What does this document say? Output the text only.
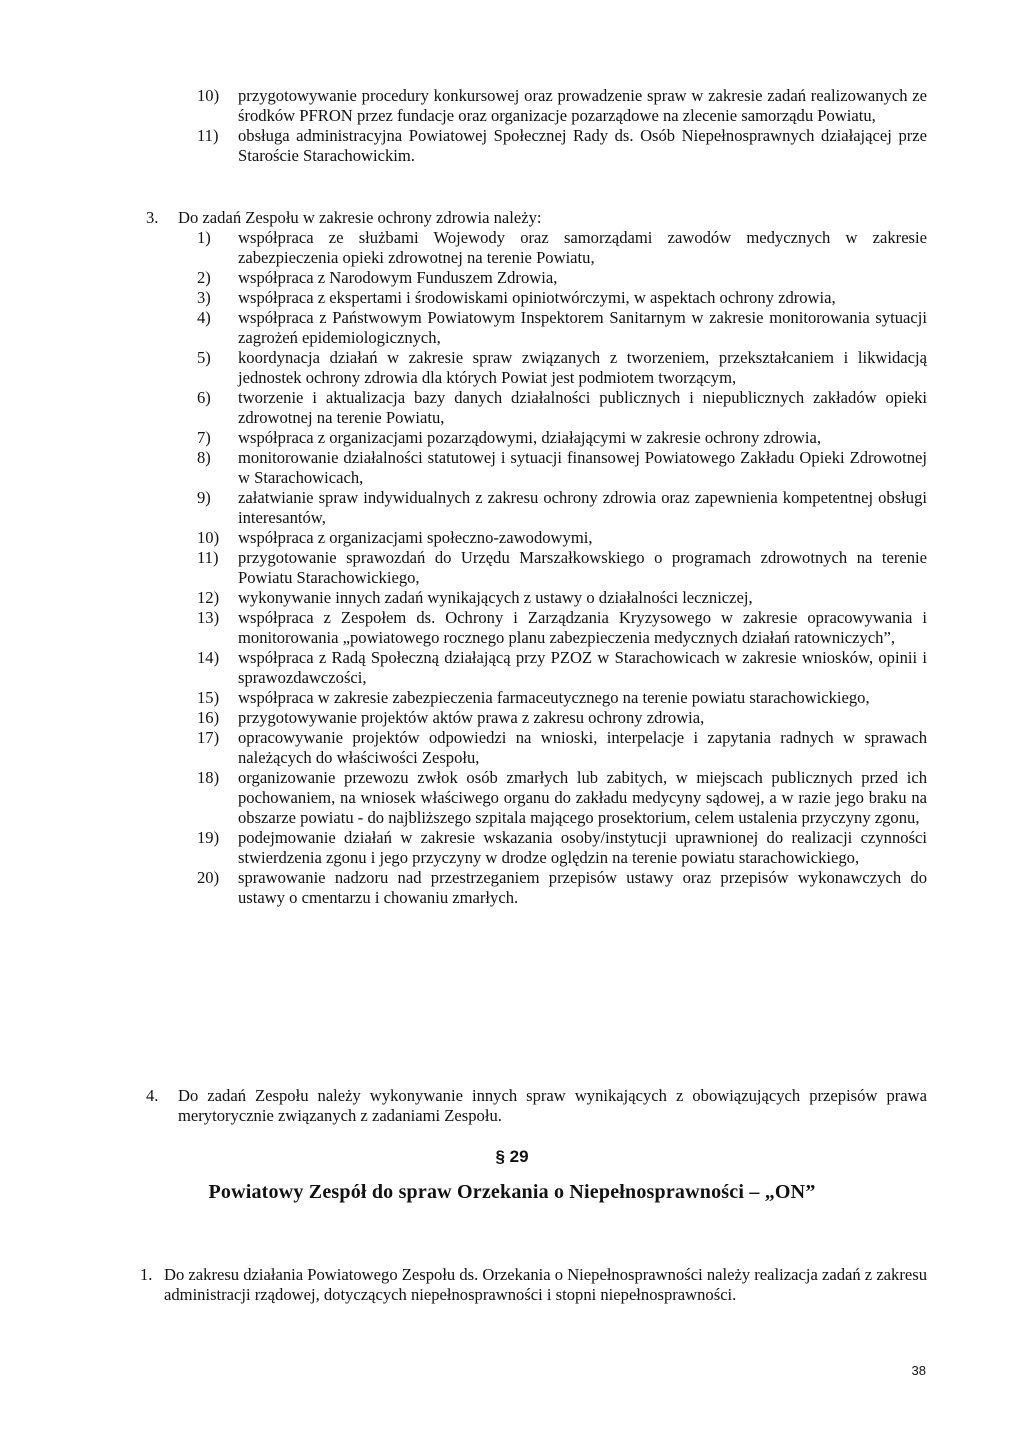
10)	przygotowywanie procedury konkursowej oraz prowadzenie spraw w zakresie zadań realizowanych ze środków PFRON przez fundacje oraz organizacje pozarządowe na zlecenie samorządu Powiatu,
11)	obsługa administracyjna Powiatowej Społecznej Rady ds. Osób Niepełnosprawnych działającej prze Staroście Starachowickim.
3. Do zadań Zespołu w zakresie ochrony zdrowia należy:
1)	współpraca ze służbami Wojewody oraz samorządami zawodów medycznych w zakresie zabezpieczenia opieki zdrowotnej na terenie Powiatu,
2)	współpraca z Narodowym Funduszem Zdrowia,
3)	współpraca z ekspertami i środowiskami opiniotwórczymi, w aspektach ochrony zdrowia,
4)	współpraca z Państwowym Powiatowym Inspektorem Sanitarnym w zakresie monitorowania sytuacji zagrożeń epidemiologicznych,
5)	koordynacja działań w zakresie spraw związanych z tworzeniem, przekształcaniem i likwidacją jednostek ochrony zdrowia dla których Powiat jest podmiotem tworzącym,
6)	tworzenie i aktualizacja bazy danych działalności publicznych i niepublicznych zakładów opieki zdrowotnej na terenie Powiatu,
7)	współpraca z organizacjami pozarządowymi, działającymi w zakresie ochrony zdrowia,
8)	monitorowanie działalności statutowej i sytuacji finansowej Powiatowego Zakładu Opieki Zdrowotnej w Starachowicach,
9)	załatwianie spraw indywidualnych z zakresu ochrony zdrowia oraz zapewnienia kompetentnej obsługi interesantów,
10)	współpraca z organizacjami społeczno-zawodowymi,
11)	przygotowanie sprawozdań do Urzędu Marszałkowskiego o programach zdrowotnych na terenie Powiatu Starachowickiego,
12)	wykonywanie innych zadań wynikających z ustawy o działalności leczniczej,
13)	współpraca z Zespołem ds. Ochrony i Zarządzania Kryzysowego w zakresie opracowywania i monitorowania „powiatowego rocznego planu zabezpieczenia medycznych działań ratowniczych”,
14)	współpraca z Radą Społeczną działającą przy PZOZ w Starachowicach w zakresie wniosków, opinii i sprawozdawczości,
15)	współpraca w zakresie zabezpieczenia farmaceutycznego na terenie powiatu starachowickiego,
16)	przygotowywanie projektów aktów prawa z zakresu ochrony zdrowia,
17)	opracowywanie projektów odpowiedzi na wnioski, interpelacje i zapytania radnych w sprawach należących do właściwości Zespołu,
18)	organizowanie przewozu zwłok osób zmarłych lub zabitych, w miejscach publicznych przed ich pochowaniem, na wniosek właściwego organu do zakładu medycyny sądowej, a w razie jego braku na obszarze powiatu - do najbliższego szpitala mającego prosektorium, celem ustalenia przyczyny zgonu,
19)	podejmowanie działań w zakresie wskazania osoby/instytucji uprawnionej do realizacji czynności stwierdzenia zgonu i jego przyczyny w drodze oględzin na terenie powiatu starachowickiego,
20)	sprawowanie nadzoru nad przestrzeganiem przepisów ustawy oraz przepisów wykonawczych do ustawy o cmentarzu i chowaniu zmarłych.
4.	Do zadań Zespołu należy wykonywanie innych spraw wynikających z obowiązujących przepisów prawa merytorycznie związanych z zadaniami Zespołu.
§ 29
Powiatowy Zespół do spraw Orzekania o Niepełnosprawności – „ON”
1. Do zakresu działania Powiatowego Zespołu ds. Orzekania o Niepełnosprawności należy realizacja zadań z zakresu administracji rządowej, dotyczących niepełnosprawności i stopni niepełnosprawności.
38
